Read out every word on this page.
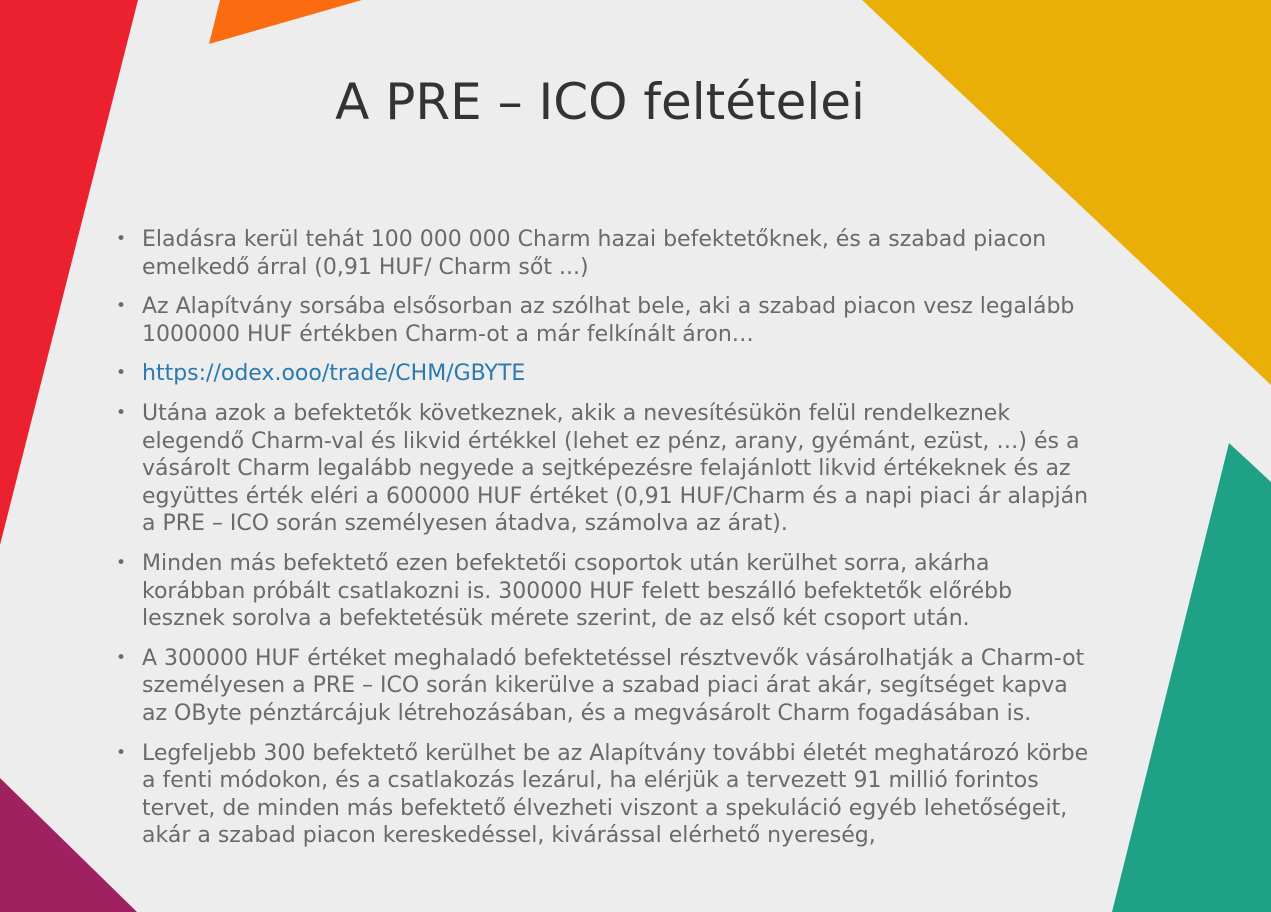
A PRE – ICO feltételei
• Eladásra kerül tehát 100 000 000 Charm hazai befektetőknek, és a szabad piacon emelkedő árral (0,91 HUF/ Charm sőt ...)
• Az Alapítvány sorsába elsősorban az szólhat bele, aki a szabad piacon vesz legalább 1000000 HUF értékben Charm-ot a már felkínált áron…
• https://odex.ooo/trade/CHM/GBYTE
• Utána azok a befektetők következnek, akik a nevesítésükön felül rendelkeznek elegendő Charm-val és likvid értékkel (lehet ez pénz, arany, gyémánt, ezüst, …) és a vásárolt Charm legalább negyede a sejtképezésre felajánlott likvid értékeknek és az együttes érték eléri a 600000 HUF értéket (0,91 HUF/Charm és a napi piaci ár alapján a PRE – ICO során személyesen átadva, számolva az árat).
• Minden más befektető ezen befektetői csoportok után kerülhet sorra, akárha korábban próbált csatlakozni is. 300000 HUF felett beszálló befektetők előrébb lesznek sorolva a befektetésük mérete szerint, de az első két csoport után.
• A 300000 HUF értéket meghaladó befektetéssel résztvevők vásárolhatják a Charm-ot személyesen a PRE – ICO során kikerülve a szabad piaci árat akár, segítséget kapva az OByte pénztárcájuk létrehozásában, és a megvásárolt Charm fogadásában is.
• Legfeljebb 300 befektető kerülhet be az Alapítvány további életét meghatározó körbe a fenti módokon, és a csatlakozás lezárul, ha elérjük a tervezett 91 millió forintos tervet, de minden más befektető élvezheti viszont a spekuláció egyéb lehetőségeit, akár a szabad piacon kereskedéssel, kivárással elérhető nyereség,
